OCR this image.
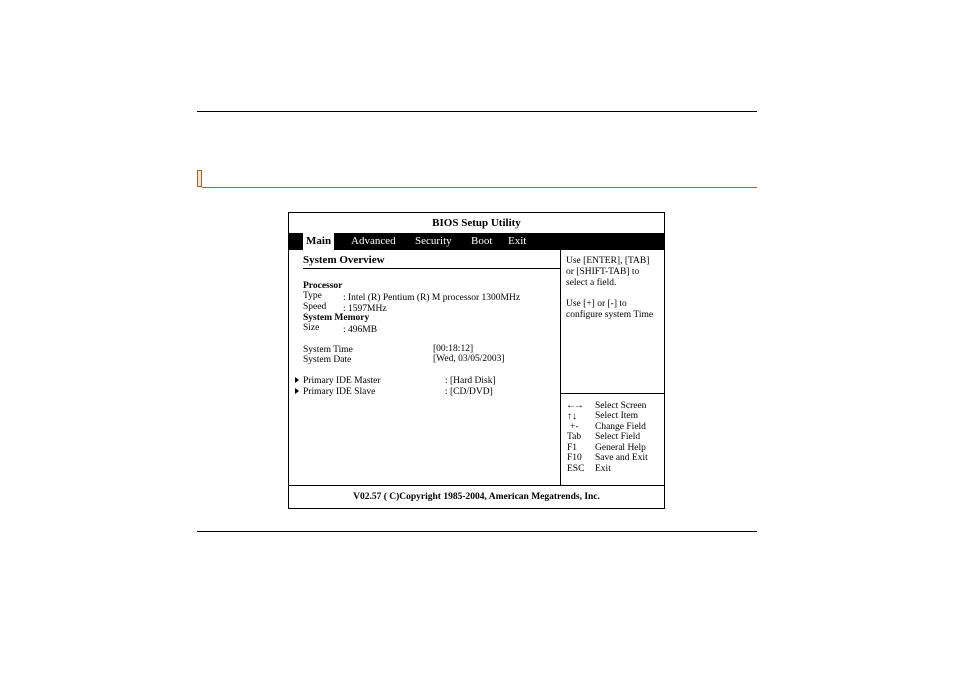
BIOS Setup Utility
Main Advanced Security Boot Exit
System Overview
Processor
Type : Intel (R) Pentium (R) M processor 1300MHz
Speed : 1597MHz
System Memory
Size : 496MB
System Time	[00:18:12]
System Date	[Wed, 03/05/2003]
Primary IDE Master	: [Hard Disk]
Primary IDE Slave	: [CD/DVD]
Use [ENTER], [TAB]
or [SHIFT-TAB] to
select a field.
Use [+] or [-] to
configure system Time
←→ Select Screen
↑↓ Select Item
+- Change Field
Tab Select Field
F1 General Help
F10 Save and Exit
ESC Exit
V02.57 ( C)Copyright 1985-2004, American Megatrends, Inc.
